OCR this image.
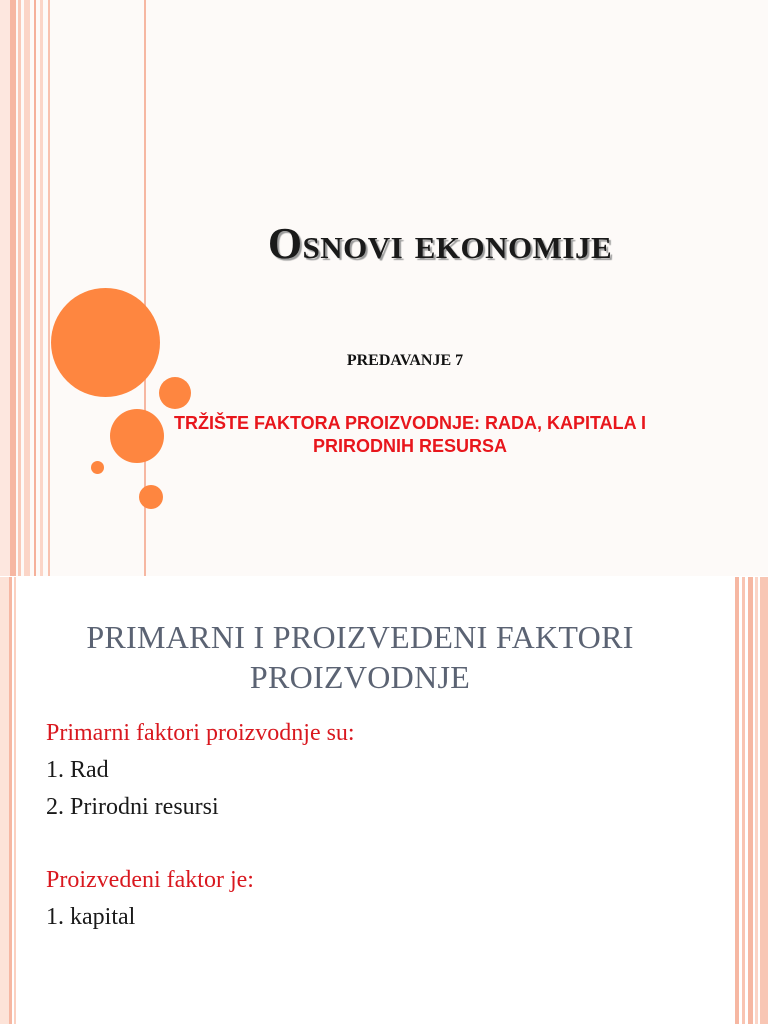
Osnovi ekonomije
PREDAVANJE 7
TRŽIŠTE FAKTORA PROIZVODNJE: RADA, KAPITALA I
PRIRODNIH RESURSA
PRIMARNI I PROIZVEDENI FAKTORI
PROIZVODNJE
Primarni faktori proizvodnje su:
1. Rad
2. Prirodni resursi
Proizvedeni faktor je:
1. kapital
